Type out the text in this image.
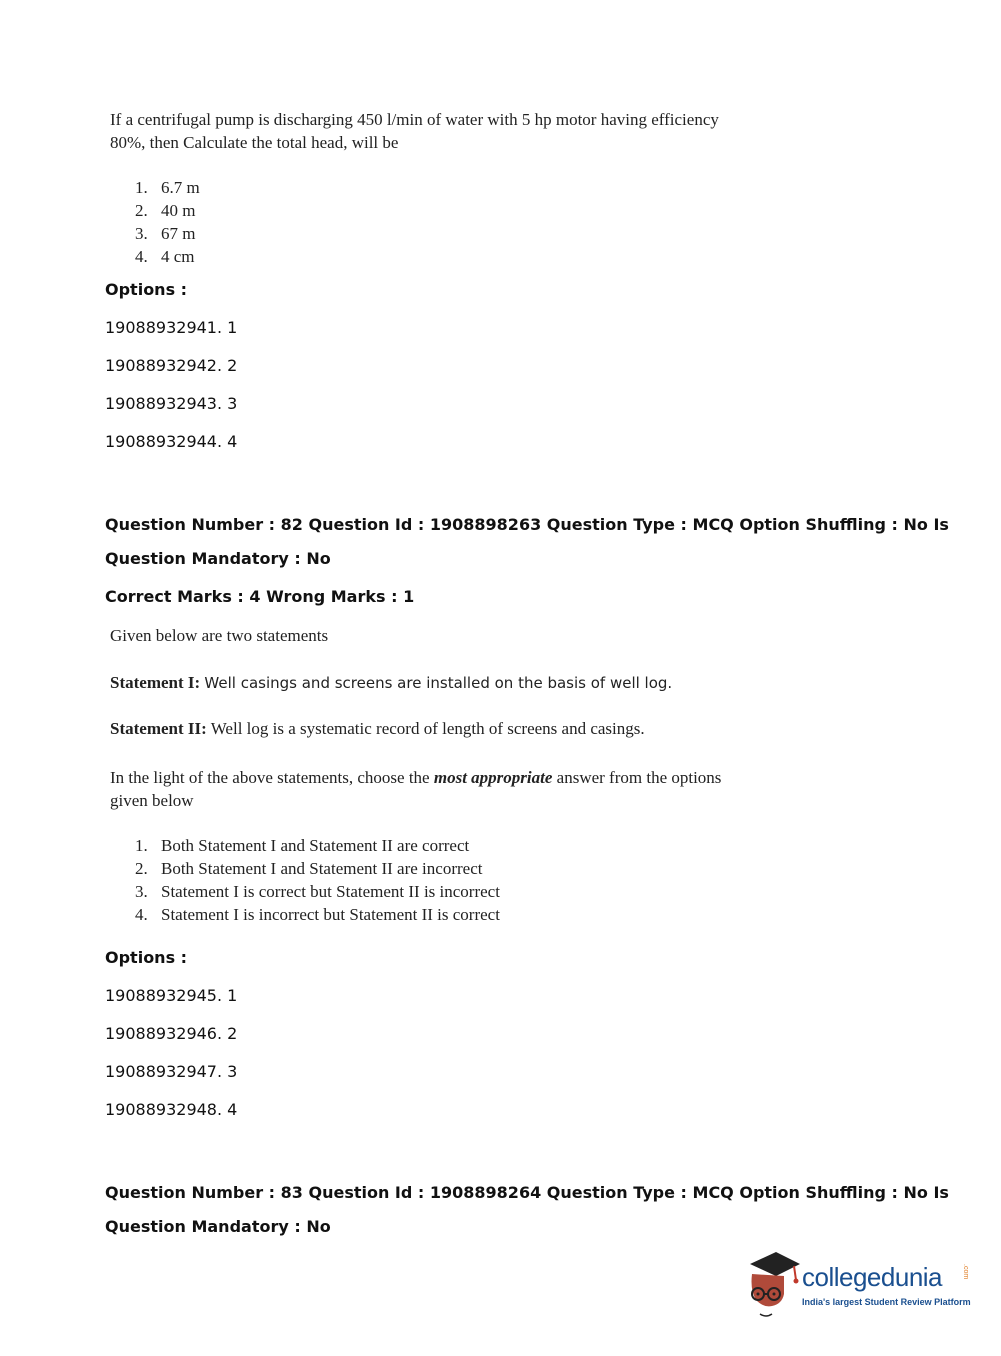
If a centrifugal pump is discharging 450 l/min of water with 5 hp motor having efficiency
80%, then Calculate the total head, will be
1. 6.7 m
2. 40 m
3. 67 m
4. 4 cm
Options :
19088932941. 1
19088932942. 2
19088932943. 3
19088932944. 4
Question Number : 82 Question Id : 1908898263 Question Type : MCQ Option Shuffling : No Is
Question Mandatory : No
Correct Marks : 4 Wrong Marks : 1
Given below are two statements
Statement I: Well casings and screens are installed on the basis of well log.
Statement II: Well log is a systematic record of length of screens and casings.
In the light of the above statements, choose the most appropriate answer from the options
given below
1. Both Statement I and Statement II are correct
2. Both Statement I and Statement II are incorrect
3. Statement I is correct but Statement II is incorrect
4. Statement I is incorrect but Statement II is correct
Options :
19088932945. 1
19088932946. 2
19088932947. 3
19088932948. 4
Question Number : 83 Question Id : 1908898264 Question Type : MCQ Option Shuffling : No Is
Question Mandatory : No
collegedunia	.com
India's largest Student Review Platform
